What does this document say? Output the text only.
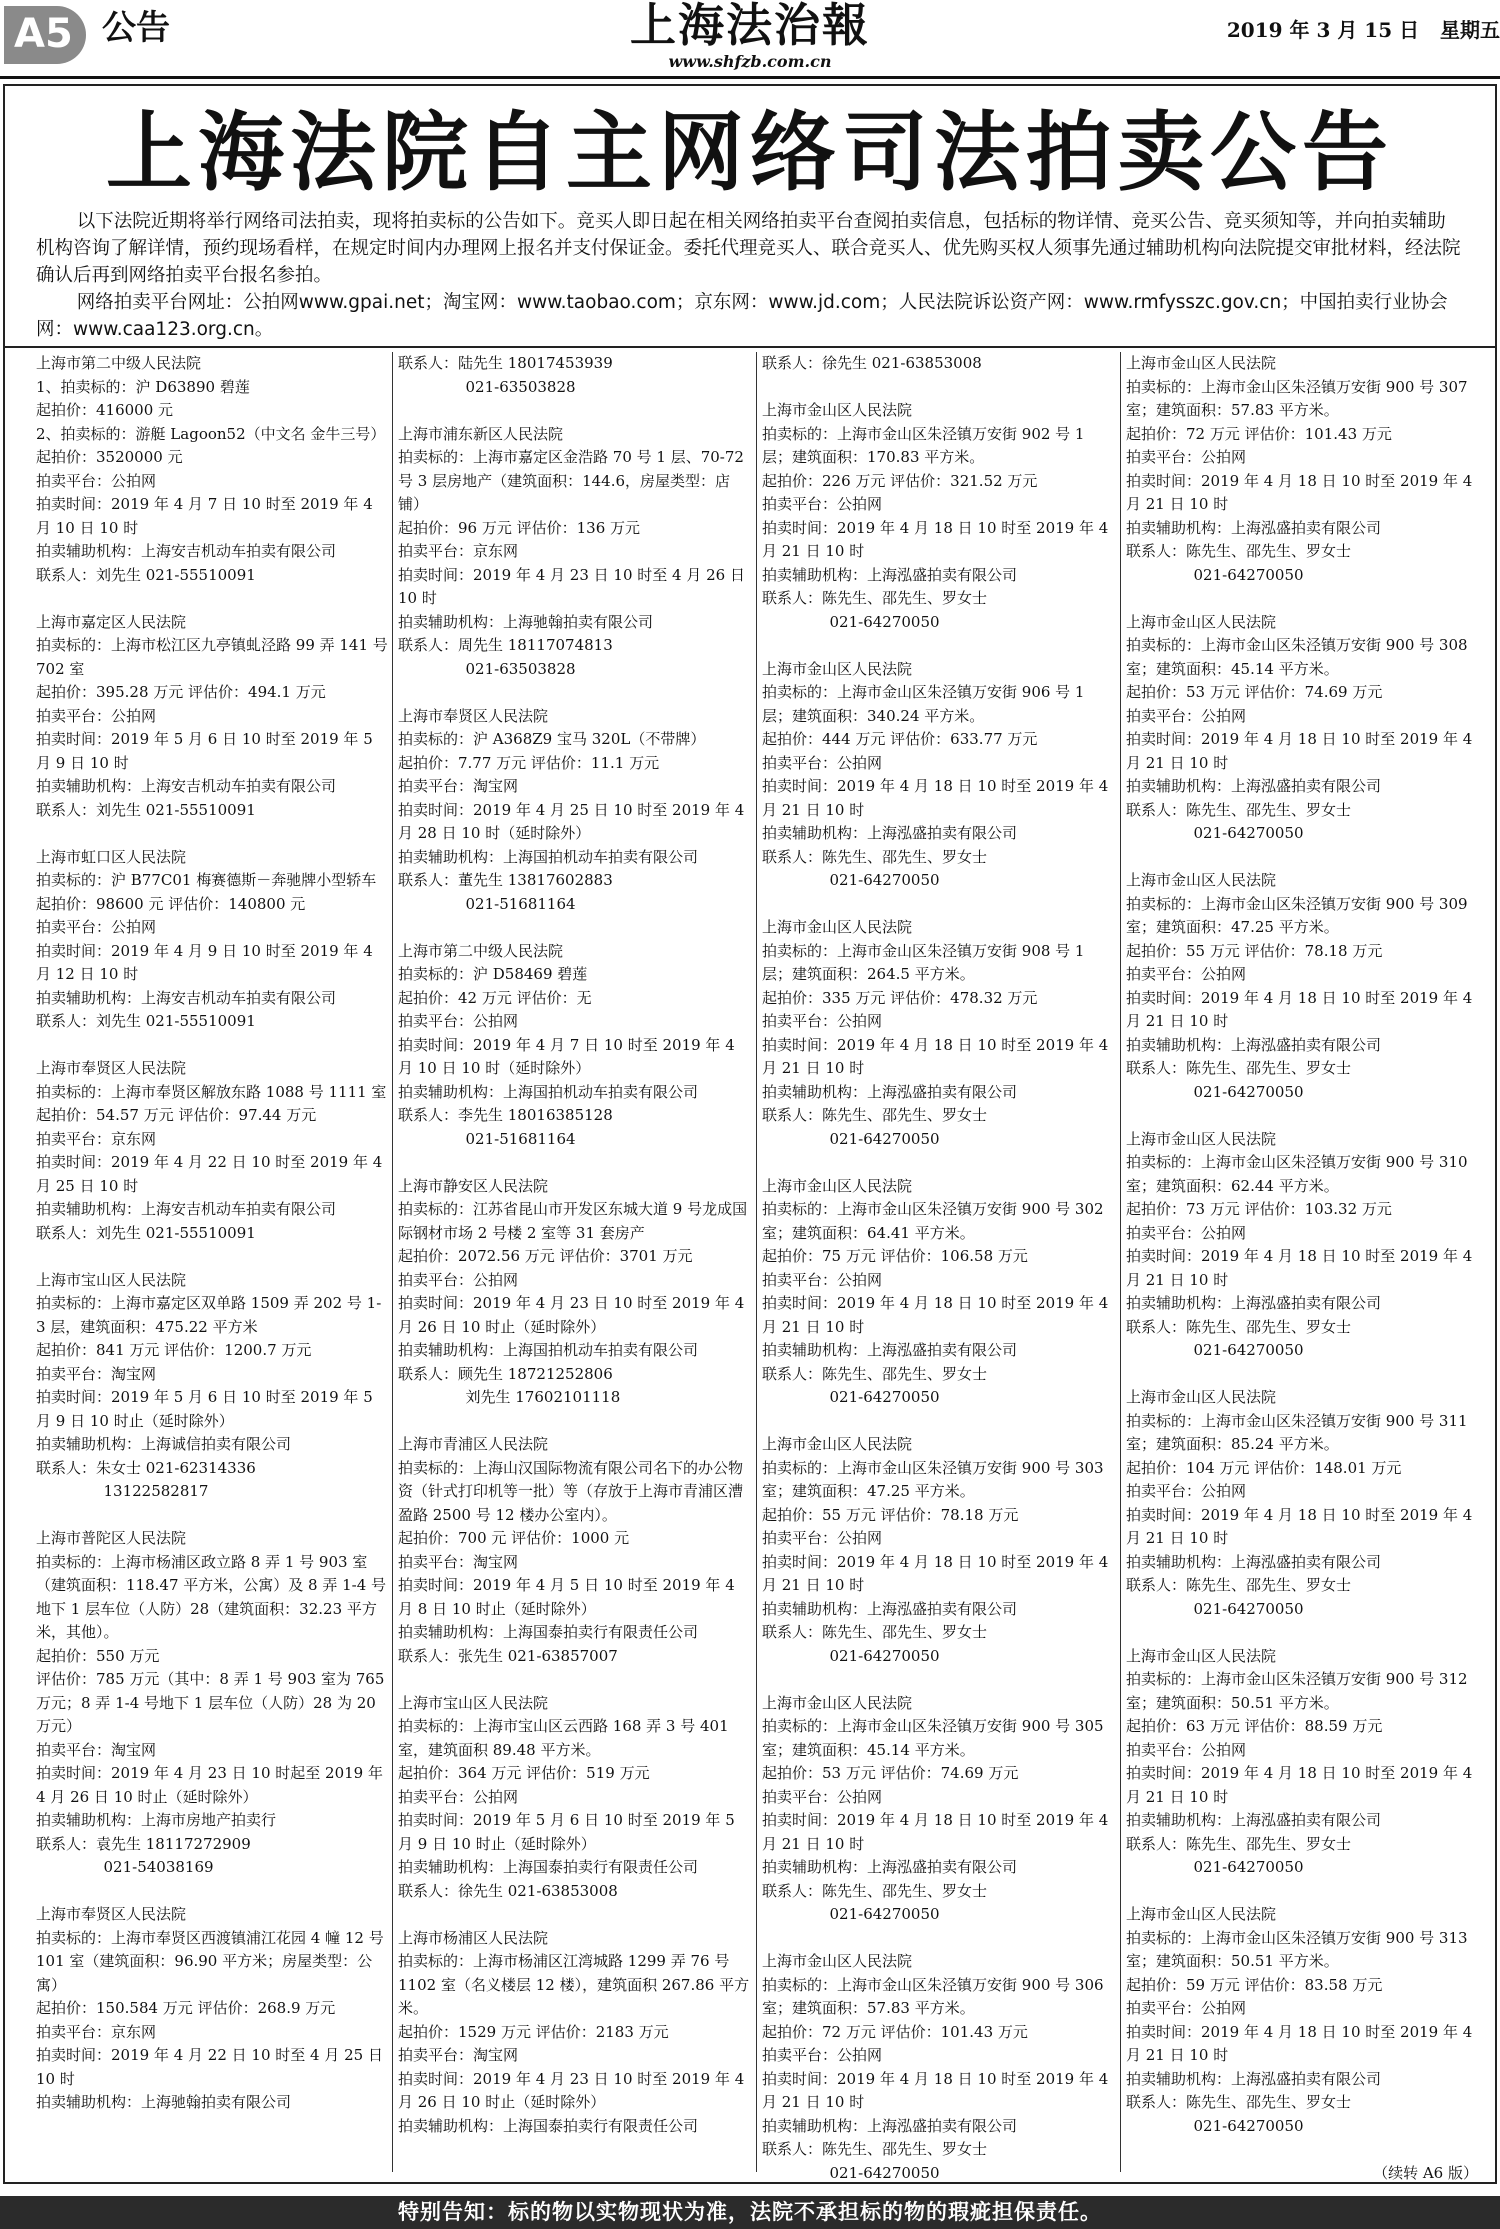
A5 公告	上海法治報
www.shfzb.com.cn
2019 年 3 月 15 日   星期五
上海法院自主网络司法拍卖公告

以下法院近期将举行网络司法拍卖，现将拍卖标的公告如下。竞买人即日起在相关网络拍卖平台查阅拍卖信息，包括标的物详情、竞买公告、竞买须知等，并向拍卖辅助机构咨询了解详情，预约现场看样，在规定时间内办理网上报名并支付保证金。委托代理竞买人、联合竞买人、优先购买权人须事先通过辅助机构向法院提交审批材料，经法院确认后再到网络拍卖平台报名参拍。

网络拍卖平台网址：公拍网www.gpai.net；淘宝网：www.taobao.com；京东网：www.jd.com；人民法院诉讼资产网：www.rmfysszc.gov.cn；中国拍卖行业协会网：www.caa123.org.cn。

上海市第二中级人民法院
1、拍卖标的：沪 D63890 碧莲
起拍价：416000 元
2、拍卖标的：游艇 Lagoon52（中文名 金牛三号）
起拍价：3520000 元
拍卖平台：公拍网
拍卖时间：2019 年 4 月 7 日 10 时至 2019 年 4 月 10 日 10 时
拍卖辅助机构：上海安吉机动车拍卖有限公司
联系人：刘先生 021-55510091
上海市嘉定区人民法院
拍卖标的：上海市松江区九亭镇虬泾路 99 弄 141 号 702 室
起拍价：395.28 万元 评估价：494.1 万元
拍卖平台：公拍网
拍卖时间：2019 年 5 月 6 日 10 时至 2019 年 5 月 9 日 10 时
拍卖辅助机构：上海安吉机动车拍卖有限公司
联系人：刘先生 021-55510091
上海市虹口区人民法院
拍卖标的：沪 B77C01 梅赛德斯－奔驰牌小型轿车
起拍价：98600 元 评估价：140800 元
拍卖平台：公拍网
拍卖时间：2019 年 4 月 9 日 10 时至 2019 年 4 月 12 日 10 时
拍卖辅助机构：上海安吉机动车拍卖有限公司
联系人：刘先生 021-55510091
上海市奉贤区人民法院
拍卖标的：上海市奉贤区解放东路 1088 号 1111 室
起拍价：54.57 万元 评估价：97.44 万元
拍卖平台：京东网
拍卖时间：2019 年 4 月 22 日 10 时至 2019 年 4 月 25 日 10 时
拍卖辅助机构：上海安吉机动车拍卖有限公司
联系人：刘先生 021-55510091
上海市宝山区人民法院
拍卖标的：上海市嘉定区双单路 1509 弄 202 号 1-3 层，建筑面积：475.22 平方米
起拍价：841 万元 评估价：1200.7 万元
拍卖平台：淘宝网
拍卖时间：2019 年 5 月 6 日 10 时至 2019 年 5 月 9 日 10 时止（延时除外）
拍卖辅助机构：上海诚信拍卖有限公司
联系人：朱女士 021-62314336
13122582817
上海市普陀区人民法院
拍卖标的：上海市杨浦区政立路 8 弄 1 号 903 室（建筑面积：118.47 平方米，公寓）及 8 弄 1-4 号地下 1 层车位（人防）28（建筑面积：32.23 平方米，其他）。
起拍价：550 万元
评估价：785 万元（其中：8 弄 1 号 903 室为 765 万元；8 弄 1-4 号地下 1 层车位（人防）28 为 20 万元）
拍卖平台：淘宝网
拍卖时间：2019 年 4 月 23 日 10 时起至 2019 年 4 月 26 日 10 时止（延时除外）
拍卖辅助机构：上海市房地产拍卖行
联系人：袁先生 18117272909
021-54038169
上海市奉贤区人民法院
拍卖标的：上海市奉贤区西渡镇浦江花园 4 幢 12 号 101 室（建筑面积：96.90 平方米；房屋类型：公寓）
起拍价：150.584 万元 评估价：268.9 万元
拍卖平台：京东网
拍卖时间：2019 年 4 月 22 日 10 时至 4 月 25 日 10 时
拍卖辅助机构：上海驰翰拍卖有限公司
联系人：陆先生 18017453939
021-63503828
上海市浦东新区人民法院
拍卖标的：上海市嘉定区金浩路 70 号 1 层、70-72 号 3 层房地产（建筑面积：144.6，房屋类型：店铺）
起拍价：96 万元 评估价：136 万元
拍卖平台：京东网
拍卖时间：2019 年 4 月 23 日 10 时至 4 月 26 日 10 时
拍卖辅助机构：上海驰翰拍卖有限公司
联系人：周先生 18117074813
021-63503828
上海市奉贤区人民法院
拍卖标的：沪 A368Z9 宝马 320L（不带牌）
起拍价：7.77 万元 评估价：11.1 万元
拍卖平台：淘宝网
拍卖时间：2019 年 4 月 25 日 10 时至 2019 年 4 月 28 日 10 时（延时除外）
拍卖辅助机构：上海国拍机动车拍卖有限公司
联系人：董先生 13817602883
021-51681164
上海市第二中级人民法院
拍卖标的：沪 D58469 碧莲
起拍价：42 万元 评估价：无
拍卖平台：公拍网
拍卖时间：2019 年 4 月 7 日 10 时至 2019 年 4 月 10 日 10 时（延时除外）
拍卖辅助机构：上海国拍机动车拍卖有限公司
联系人：李先生 18016385128
021-51681164
上海市静安区人民法院
拍卖标的：江苏省昆山市开发区东城大道 9 号龙成国际钢材市场 2 号楼 2 室等 31 套房产
起拍价：2072.56 万元 评估价：3701 万元
拍卖平台：公拍网
拍卖时间：2019 年 4 月 23 日 10 时至 2019 年 4 月 26 日 10 时止（延时除外）
拍卖辅助机构：上海国拍机动车拍卖有限公司
联系人：顾先生 18721252806
刘先生 17602101118
上海市青浦区人民法院
拍卖标的：上海山汉国际物流有限公司名下的办公物资（针式打印机等一批）等（存放于上海市青浦区漕盈路 2500 号 12 楼办公室内）。
起拍价：700 元 评估价：1000 元
拍卖平台：淘宝网
拍卖时间：2019 年 4 月 5 日 10 时至 2019 年 4 月 8 日 10 时止（延时除外）
拍卖辅助机构：上海国泰拍卖行有限责任公司
联系人：张先生 021-63857007
上海市宝山区人民法院
拍卖标的：上海市宝山区云西路 168 弄 3 号 401 室，建筑面积 89.48 平方米。
起拍价：364 万元 评估价：519 万元
拍卖平台：公拍网
拍卖时间：2019 年 5 月 6 日 10 时至 2019 年 5 月 9 日 10 时止（延时除外）
拍卖辅助机构：上海国泰拍卖行有限责任公司
联系人：徐先生 021-63853008
上海市杨浦区人民法院
拍卖标的：上海市杨浦区江湾城路 1299 弄 76 号 1102 室（名义楼层 12 楼），建筑面积 267.86 平方米。
起拍价：1529 万元 评估价：2183 万元
拍卖平台：淘宝网
拍卖时间：2019 年 4 月 23 日 10 时至 2019 年 4 月 26 日 10 时止（延时除外）
拍卖辅助机构：上海国泰拍卖行有限责任公司
联系人：徐先生 021-63853008
上海市金山区人民法院
拍卖标的：上海市金山区朱泾镇万安街 902 号 1 层；建筑面积：170.83 平方米。
起拍价：226 万元 评估价：321.52 万元
拍卖平台：公拍网
拍卖时间：2019 年 4 月 18 日 10 时至 2019 年 4 月 21 日 10 时
拍卖辅助机构：上海泓盛拍卖有限公司
联系人：陈先生、邵先生、罗女士
021-64270050
上海市金山区人民法院
拍卖标的：上海市金山区朱泾镇万安街 906 号 1 层；建筑面积：340.24 平方米。
起拍价：444 万元 评估价：633.77 万元
拍卖平台：公拍网
拍卖时间：2019 年 4 月 18 日 10 时至 2019 年 4 月 21 日 10 时
拍卖辅助机构：上海泓盛拍卖有限公司
联系人：陈先生、邵先生、罗女士
021-64270050
上海市金山区人民法院
拍卖标的：上海市金山区朱泾镇万安街 908 号 1 层；建筑面积：264.5 平方米。
起拍价：335 万元 评估价：478.32 万元
拍卖平台：公拍网
拍卖时间：2019 年 4 月 18 日 10 时至 2019 年 4 月 21 日 10 时
拍卖辅助机构：上海泓盛拍卖有限公司
联系人：陈先生、邵先生、罗女士
021-64270050
上海市金山区人民法院
拍卖标的：上海市金山区朱泾镇万安街 900 号 302 室；建筑面积：64.41 平方米。
起拍价：75 万元 评估价：106.58 万元
拍卖平台：公拍网
拍卖时间：2019 年 4 月 18 日 10 时至 2019 年 4 月 21 日 10 时
拍卖辅助机构：上海泓盛拍卖有限公司
联系人：陈先生、邵先生、罗女士
021-64270050
上海市金山区人民法院
拍卖标的：上海市金山区朱泾镇万安街 900 号 303 室；建筑面积：47.25 平方米。
起拍价：55 万元 评估价：78.18 万元
拍卖平台：公拍网
拍卖时间：2019 年 4 月 18 日 10 时至 2019 年 4 月 21 日 10 时
拍卖辅助机构：上海泓盛拍卖有限公司
联系人：陈先生、邵先生、罗女士
021-64270050
上海市金山区人民法院
拍卖标的：上海市金山区朱泾镇万安街 900 号 305 室；建筑面积：45.14 平方米。
起拍价：53 万元 评估价：74.69 万元
拍卖平台：公拍网
拍卖时间：2019 年 4 月 18 日 10 时至 2019 年 4 月 21 日 10 时
拍卖辅助机构：上海泓盛拍卖有限公司
联系人：陈先生、邵先生、罗女士
021-64270050
上海市金山区人民法院
拍卖标的：上海市金山区朱泾镇万安街 900 号 306 室；建筑面积：57.83 平方米。
起拍价：72 万元 评估价：101.43 万元
拍卖平台：公拍网
拍卖时间：2019 年 4 月 18 日 10 时至 2019 年 4 月 21 日 10 时
拍卖辅助机构：上海泓盛拍卖有限公司
联系人：陈先生、邵先生、罗女士
021-64270050
上海市金山区人民法院
拍卖标的：上海市金山区朱泾镇万安街 900 号 307 室；建筑面积：57.83 平方米。
起拍价：72 万元 评估价：101.43 万元
拍卖平台：公拍网
拍卖时间：2019 年 4 月 18 日 10 时至 2019 年 4 月 21 日 10 时
拍卖辅助机构：上海泓盛拍卖有限公司
联系人：陈先生、邵先生、罗女士
021-64270050
上海市金山区人民法院
拍卖标的：上海市金山区朱泾镇万安街 900 号 308 室；建筑面积：45.14 平方米。
起拍价：53 万元 评估价：74.69 万元
拍卖平台：公拍网
拍卖时间：2019 年 4 月 18 日 10 时至 2019 年 4 月 21 日 10 时
拍卖辅助机构：上海泓盛拍卖有限公司
联系人：陈先生、邵先生、罗女士
021-64270050
上海市金山区人民法院
拍卖标的：上海市金山区朱泾镇万安街 900 号 309 室；建筑面积：47.25 平方米。
起拍价：55 万元 评估价：78.18 万元
拍卖平台：公拍网
拍卖时间：2019 年 4 月 18 日 10 时至 2019 年 4 月 21 日 10 时
拍卖辅助机构：上海泓盛拍卖有限公司
联系人：陈先生、邵先生、罗女士
021-64270050
上海市金山区人民法院
拍卖标的：上海市金山区朱泾镇万安街 900 号 310 室；建筑面积：62.44 平方米。
起拍价：73 万元 评估价：103.32 万元
拍卖平台：公拍网
拍卖时间：2019 年 4 月 18 日 10 时至 2019 年 4 月 21 日 10 时
拍卖辅助机构：上海泓盛拍卖有限公司
联系人：陈先生、邵先生、罗女士
021-64270050
上海市金山区人民法院
拍卖标的：上海市金山区朱泾镇万安街 900 号 311 室；建筑面积：85.24 平方米。
起拍价：104 万元 评估价：148.01 万元
拍卖平台：公拍网
拍卖时间：2019 年 4 月 18 日 10 时至 2019 年 4 月 21 日 10 时
拍卖辅助机构：上海泓盛拍卖有限公司
联系人：陈先生、邵先生、罗女士
021-64270050
上海市金山区人民法院
拍卖标的：上海市金山区朱泾镇万安街 900 号 312 室；建筑面积：50.51 平方米。
起拍价：63 万元 评估价：88.59 万元
拍卖平台：公拍网
拍卖时间：2019 年 4 月 18 日 10 时至 2019 年 4 月 21 日 10 时
拍卖辅助机构：上海泓盛拍卖有限公司
联系人：陈先生、邵先生、罗女士
021-64270050
上海市金山区人民法院
拍卖标的：上海市金山区朱泾镇万安街 900 号 313 室；建筑面积：50.51 平方米。
起拍价：59 万元 评估价：83.58 万元
拍卖平台：公拍网
拍卖时间：2019 年 4 月 18 日 10 时至 2019 年 4 月 21 日 10 时
拍卖辅助机构：上海泓盛拍卖有限公司
联系人：陈先生、邵先生、罗女士
021-64270050
（续转 A6 版）
特别告知：标的物以实物现状为准，法院不承担标的物的瑕疵担保责任。
